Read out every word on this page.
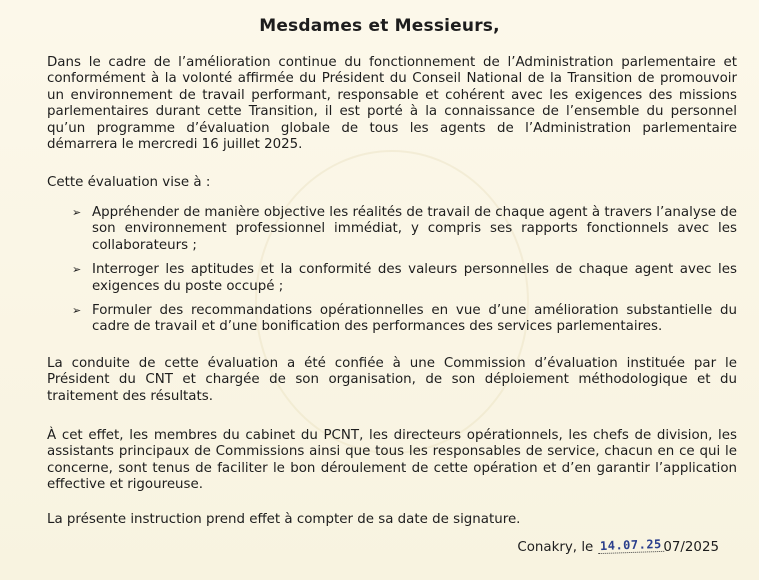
Mesdames et Messieurs,
Dans le cadre de l’amélioration continue du fonctionnement de l’Administration parlementaire et conformément à la volonté affirmée du Président du Conseil National de la Transition de promouvoir un environnement de travail performant, responsable et cohérent avec les exigences des missions parlementaires durant cette Transition, il est porté à la connaissance de l’ensemble du personnel qu’un programme d’évaluation globale de tous les agents de l’Administration parlementaire démarrera le mercredi 16 juillet 2025.
Cette évaluation vise à :
➢ Appréhender de manière objective les réalités de travail de chaque agent à travers l’analyse de son environnement professionnel immédiat, y compris ses rapports fonctionnels avec les collaborateurs ;
➢ Interroger les aptitudes et la conformité des valeurs personnelles de chaque agent avec les exigences du poste occupé ;
➢ Formuler des recommandations opérationnelles en vue d’une amélioration substantielle du cadre de travail et d’une bonification des performances des services parlementaires.
La conduite de cette évaluation a été confiée à une Commission d’évaluation instituée par le Président du CNT et chargée de son organisation, de son déploiement méthodologique et du traitement des résultats.
À cet effet, les membres du cabinet du PCNT, les directeurs opérationnels, les chefs de division, les assistants principaux de Commissions ainsi que tous les responsables de service, chacun en ce qui le concerne, sont tenus de faciliter le bon déroulement de cette opération et d’en garantir l’application effective et rigoureuse.
La présente instruction prend effet à compter de sa date de signature.
Conakry, le 14.07.25 07/2025
